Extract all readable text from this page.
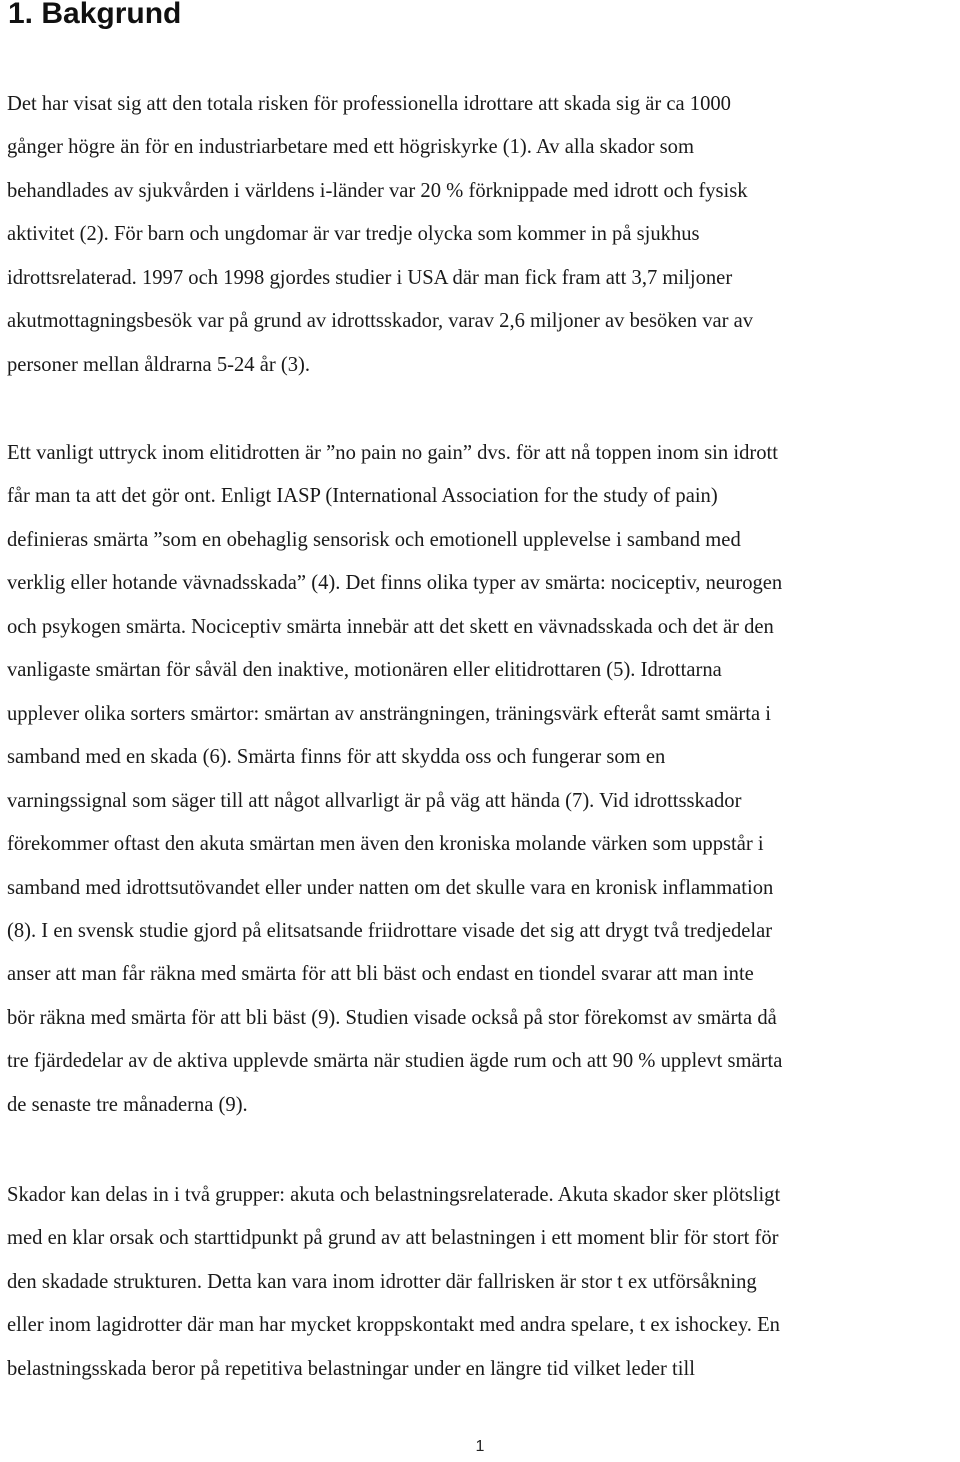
1. Bakgrund

Det har visat sig att den totala risken för professionella idrottare att skada sig är ca 1000
gånger högre än för en industriarbetare med ett högriskyrke (1). Av alla skador som
behandlades av sjukvården i världens i-länder var 20 % förknippade med idrott och fysisk
aktivitet (2). För barn och ungdomar är var tredje olycka som kommer in på sjukhus
idrottsrelaterad. 1997 och 1998 gjordes studier i USA där man fick fram att 3,7 miljoner
akutmottagningsbesök var på grund av idrottsskador, varav 2,6 miljoner av besöken var av
personer mellan åldrarna 5-24 år (3).

Ett vanligt uttryck inom elitidrotten är ”no pain no gain” dvs. för att nå toppen inom sin idrott
får man ta att det gör ont. Enligt IASP (International Association for the study of pain)
definieras smärta ”som en obehaglig sensorisk och emotionell upplevelse i samband med
verklig eller hotande vävnadsskada” (4). Det finns olika typer av smärta: nociceptiv, neurogen
och psykogen smärta. Nociceptiv smärta innebär att det skett en vävnadsskada och det är den
vanligaste smärtan för såväl den inaktive, motionären eller elitidrottaren (5). Idrottarna
upplever olika sorters smärtor: smärtan av ansträngningen, träningsvärk efteråt samt smärta i
samband med en skada (6). Smärta finns för att skydda oss och fungerar som en
varningssignal som säger till att något allvarligt är på väg att hända (7). Vid idrottsskador
förekommer oftast den akuta smärtan men även den kroniska molande värken som uppstår i
samband med idrottsutövandet eller under natten om det skulle vara en kronisk inflammation
(8). I en svensk studie gjord på elitsatsande friidrottare visade det sig att drygt två tredjedelar
anser att man får räkna med smärta för att bli bäst och endast en tiondel svarar att man inte
bör räkna med smärta för att bli bäst (9). Studien visade också på stor förekomst av smärta då
tre fjärdedelar av de aktiva upplevde smärta när studien ägde rum och att 90 % upplevt smärta
de senaste tre månaderna (9).

Skador kan delas in i två grupper: akuta och belastningsrelaterade. Akuta skador sker plötsligt
med en klar orsak och starttidpunkt på grund av att belastningen i ett moment blir för stort för
den skadade strukturen. Detta kan vara inom idrotter där fallrisken är stor t ex utförsåkning
eller inom lagidrotter där man har mycket kroppskontakt med andra spelare, t ex ishockey. En
belastningsskada beror på repetitiva belastningar under en längre tid vilket leder till

1
